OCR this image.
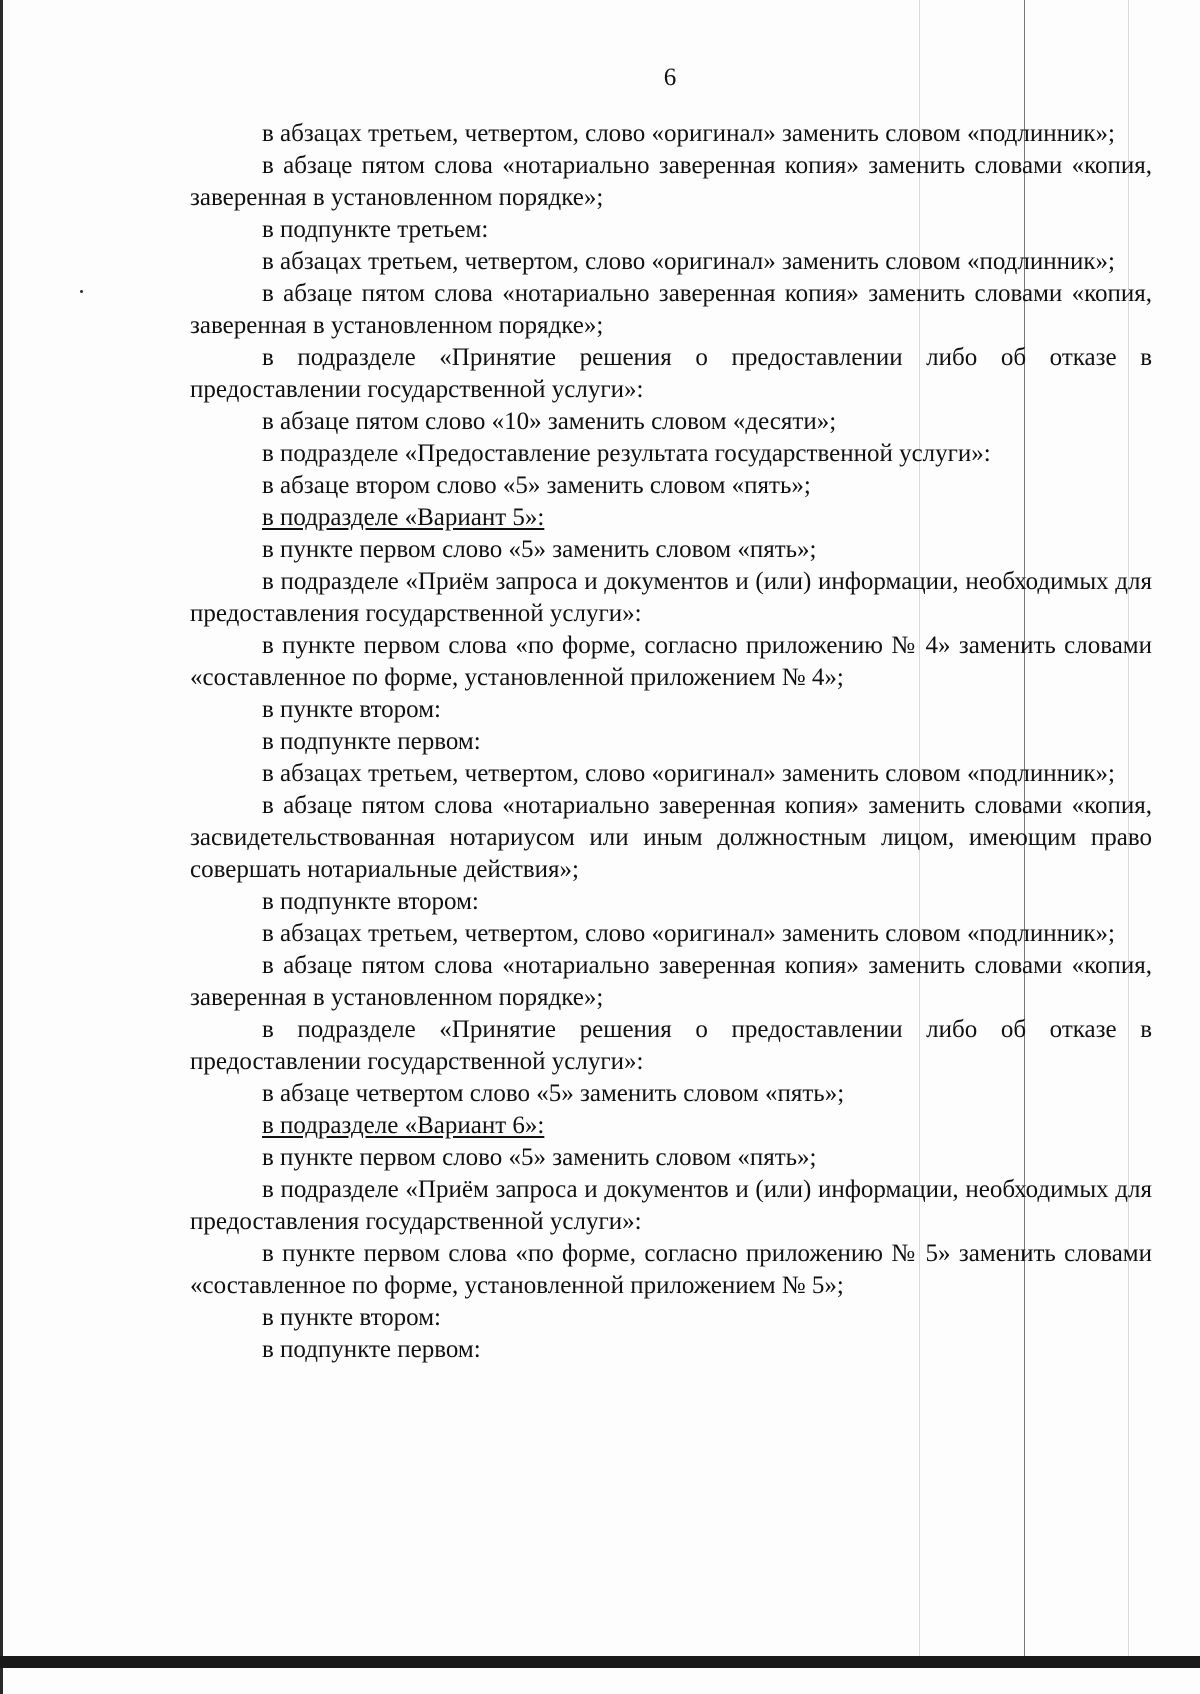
6

в абзацах третьем, четвертом, слово «оригинал» заменить словом «подлинник»;

в абзаце пятом слова «нотариально заверенная копия» заменить словами «копия, заверенная в установленном порядке»;

в подпункте третьем:

в абзацах третьем, четвертом, слово «оригинал» заменить словом «подлинник»;

в абзаце пятом слова «нотариально заверенная копия» заменить словами «копия, заверенная в установленном порядке»;

в подразделе «Принятие решения о предоставлении либо об отказе в предоставлении государственной услуги»:

в абзаце пятом слово «10» заменить словом «десяти»;

в подразделе «Предоставление результата государственной услуги»:

в абзаце втором слово «5» заменить словом «пять»;

в подразделе «Вариант 5»:

в пункте первом слово «5» заменить словом «пять»;

в подразделе «Приём запроса и документов и (или) информации, необходимых для предоставления государственной услуги»:

в пункте первом слова «по форме, согласно приложению № 4» заменить словами «составленное по форме, установленной приложением № 4»;

в пункте втором:

в подпункте первом:

в абзацах третьем, четвертом, слово «оригинал» заменить словом «подлинник»;

в абзаце пятом слова «нотариально заверенная копия» заменить словами «копия, засвидетельствованная нотариусом или иным должностным лицом, имеющим право совершать нотариальные действия»;

в подпункте втором:

в абзацах третьем, четвертом, слово «оригинал» заменить словом «подлинник»;

в абзаце пятом слова «нотариально заверенная копия» заменить словами «копия, заверенная в установленном порядке»;

в подразделе «Принятие решения о предоставлении либо об отказе в предоставлении государственной услуги»:

в абзаце четвертом слово «5» заменить словом «пять»;

в подразделе «Вариант 6»:

в пункте первом слово «5» заменить словом «пять»;

в подразделе «Приём запроса и документов и (или) информации, необходимых для предоставления государственной услуги»:

в пункте первом слова «по форме, согласно приложению № 5» заменить словами «составленное по форме, установленной приложением № 5»;

в пункте втором:

в подпункте первом:
